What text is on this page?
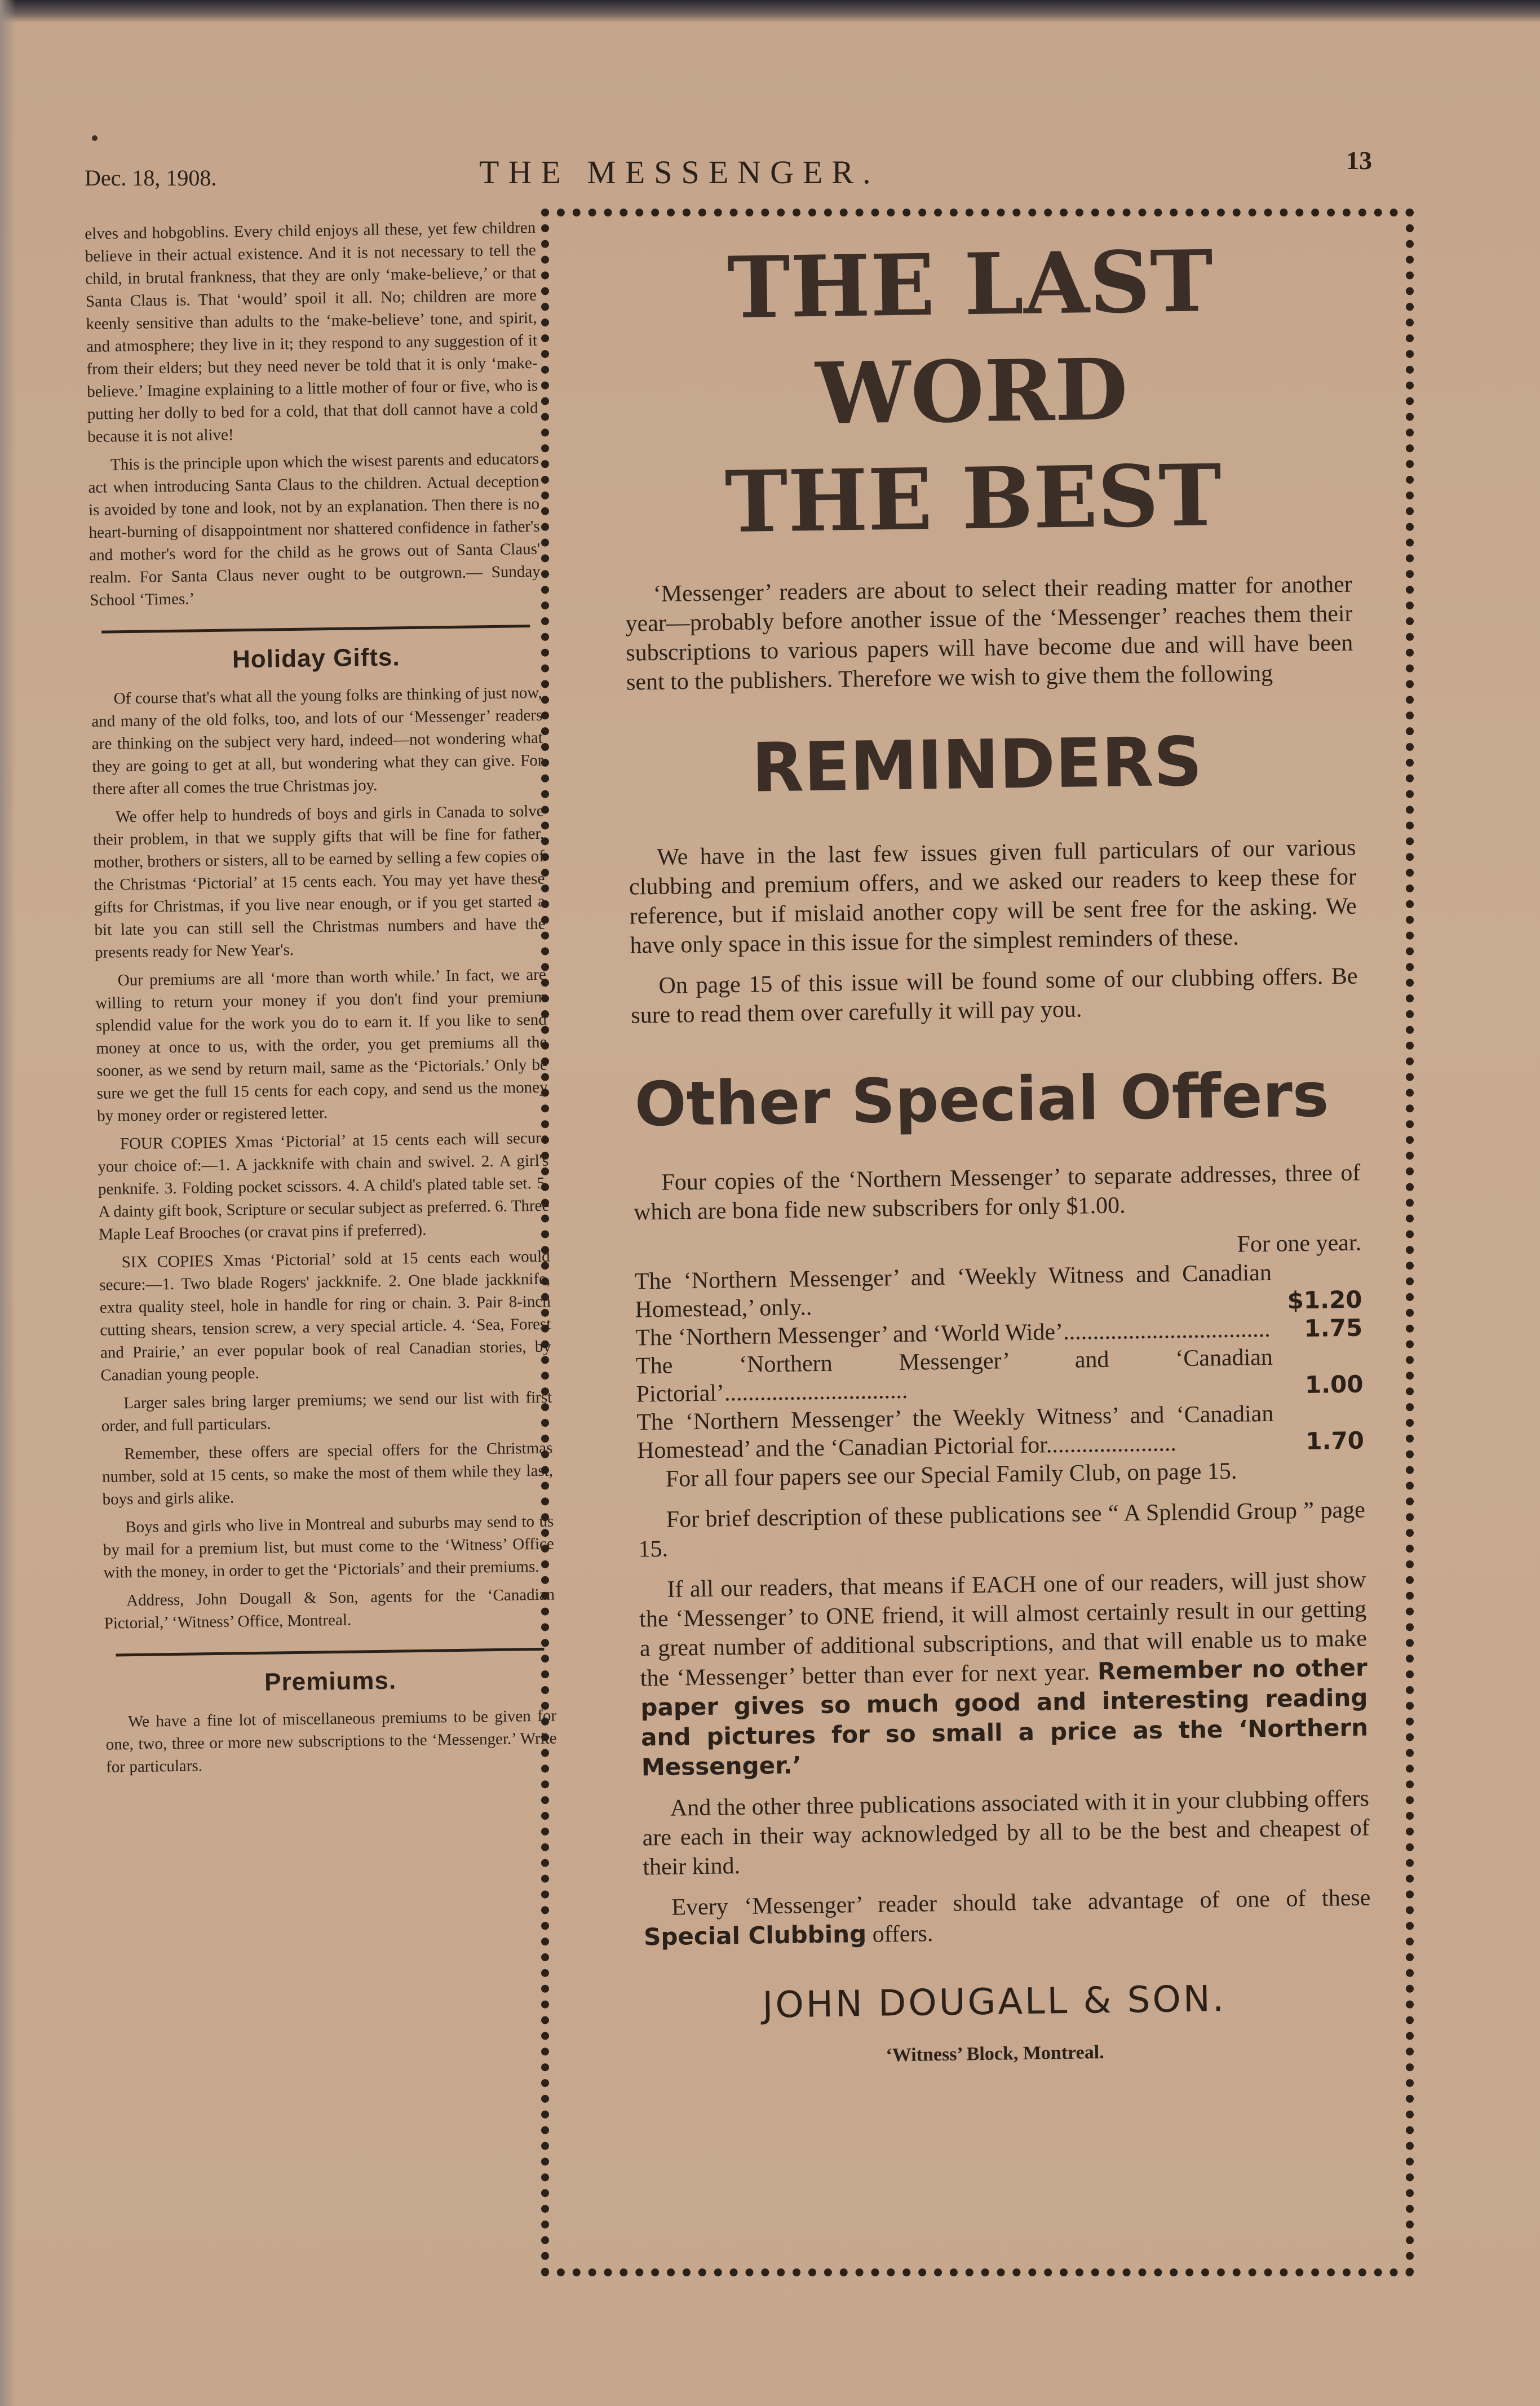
Dec. 18, 1908.	THE MESSENGER.	13

elves and hobgoblins. Every child enjoys all these, yet few children believe in their actual existence. And it is not necessary to tell the child, in brutal frankness, that they are only ‘make-believe,’ or that Santa Claus is. That ‘would’ spoil it all. No; children are more keenly sensitive than adults to the ‘make-believe’ tone, and spirit, and atmosphere; they live in it; they respond to any suggestion of it from their elders; but they need never be told that it is only ‘make-believe.’ Imagine explaining to a little mother of four or five, who is putting her dolly to bed for a cold, that that doll cannot have a cold because it is not alive!

This is the principle upon which the wisest parents and educators act when introducing Santa Claus to the children. Actual deception is avoided by tone and look, not by an explanation. Then there is no heart-burning of disappointment nor shattered confidence in father's and mother's word for the child as he grows out of Santa Claus' realm. For Santa Claus never ought to be outgrown.— Sunday School ‘Times.’

Holiday Gifts.

Of course that's what all the young folks are thinking of just now, and many of the old folks, too, and lots of our ‘Messenger’ readers are thinking on the subject very hard, indeed—not wondering what they are going to get at all, but wondering what they can give. For there after all comes the true Christmas joy.

We offer help to hundreds of boys and girls in Canada to solve their problem, in that we supply gifts that will be fine for father, mother, brothers or sisters, all to be earned by selling a few copies of the Christmas ‘Pictorial’ at 15 cents each. You may yet have these gifts for Christmas, if you live near enough, or if you get started a bit late you can still sell the Christmas numbers and have the presents ready for New Year's.

Our premiums are all ‘more than worth while.’ In fact, we are willing to return your money if you don't find your premium splendid value for the work you do to earn it. If you like to send money at once to us, with the order, you get premiums all the sooner, as we send by return mail, same as the ‘Pictorials.’ Only be sure we get the full 15 cents for each copy, and send us the money by money order or registered letter.

FOUR COPIES Xmas ‘Pictorial’ at 15 cents each will secure your choice of:—1. A jackknife with chain and swivel. 2. A girl's penknife. 3. Folding pocket scissors. 4. A child's plated table set. 5. A dainty gift book, Scripture or secular subject as preferred. 6. Three Maple Leaf Brooches (or cravat pins if preferred).

SIX COPIES Xmas ‘Pictorial’ sold at 15 cents each would secure:—1. Two blade Rogers' jackknife. 2. One blade jackknife, extra quality steel, hole in handle for ring or chain. 3. Pair 8-inch cutting shears, tension screw, a very special article. 4. ‘Sea, Forest and Prairie,’ an ever popular book of real Canadian stories, by Canadian young people.

Larger sales bring larger premiums; we send our list with first order, and full particulars.

Remember, these offers are special offers for the Christmas number, sold at 15 cents, so make the most of them while they last, boys and girls alike.

Boys and girls who live in Montreal and suburbs may send to us by mail for a premium list, but must come to the ‘Witness’ Office with the money, in order to get the ‘Pictorials’ and their premiums.

Address, John Dougall & Son, agents for the ‘Canadian Pictorial,’ ‘Witness’ Office, Montreal.

Premiums.

We have a fine lot of miscellaneous premiums to be given for one, two, three or more new subscriptions to the ‘Messenger.’ Write for particulars.

THE LAST WORD
THE BEST

‘Messenger’ readers are about to select their reading matter for another year—probably before another issue of the ‘Messenger’ reaches them their subscriptions to various papers will have become due and will have been sent to the publishers. Therefore we wish to give them the following

REMINDERS

We have in the last few issues given full particulars of our various clubbing and premium offers, and we asked our readers to keep these for reference, but if mislaid another copy will be sent free for the asking. We have only space in this issue for the simplest reminders of these.

On page 15 of this issue will be found some of our clubbing offers. Be sure to read them over carefully it will pay you.

Other Special Offers

Four copies of the ‘Northern Messenger’ to separate addresses, three of which are bona fide new subscribers for only $1.00.

For one year.
The ‘Northern Messenger’ and ‘Weekly Witness and Canadian Homestead,’ only..	$1.20
The ‘Northern Messenger’ and ‘World Wide’................................... 1.75
The ‘Northern Messenger’ and ‘Canadian Pictorial’...............................	1.00
The ‘Northern Messenger’ the Weekly Witness’ and ‘Canadian Homestead’ and the ‘Canadian Pictorial for......................	1.70

For all four papers see our Special Family Club, on page 15.

For brief description of these publications see “ A Splendid Group ” page 15.

If all our readers, that means if EACH one of our readers, will just show the ‘Messenger’ to ONE friend, it will almost certainly result in our getting a great number of additional subscriptions, and that will enable us to make the ‘Messenger’ better than ever for next year. Remember no other paper gives so much good and interesting reading and pictures for so small a price as the ‘Northern Messenger.’

And the other three publications associated with it in your clubbing offers are each in their way acknowledged by all to be the best and cheapest of their kind.

Every ‘Messenger’ reader should take advantage of one of these Special Clubbing offers.

JOHN DOUGALL & SON.
‘Witness’ Block, Montreal.
